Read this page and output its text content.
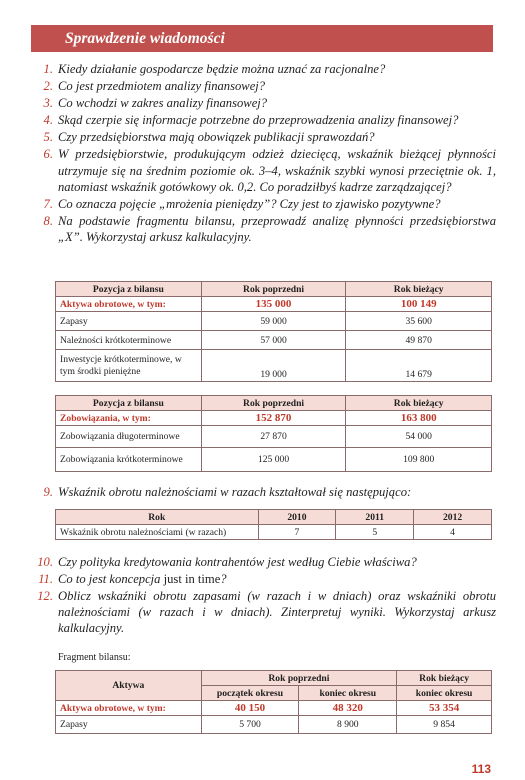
Sprawdzenie wiadomości
1. Kiedy działanie gospodarcze będzie można uznać za racjonalne?
2. Co jest przedmiotem analizy finansowej?
3. Co wchodzi w zakres analizy finansowej?
4. Skąd czerpie się informacje potrzebne do przeprowadzenia analizy finansowej?
5. Czy przedsiębiorstwa mają obowiązek publikacji sprawozdań?
6. W przedsiębiorstwie, produkującym odzież dziecięcą, wskaźnik bieżącej płynności utrzymuje się na średnim poziomie ok. 3–4, wskaźnik szybki wynosi przeciętnie ok. 1, natomiast wskaźnik gotówkowy ok. 0,2. Co poradziłbyś kadrze zarządzającej?
7. Co oznacza pojęcie „mrożenia pieniędzy”? Czy jest to zjawisko pozytywne?
8. Na podstawie fragmentu bilansu, przeprowadź analizę płynności przedsiębiorstwa „X”. Wykorzystaj arkusz kalkulacyjny.
Pozycja z bilansu	Rok poprzedni	Rok bieżący
Aktywa obrotowe, w tym:	135 000	100 149
Zapasy	59 000	35 600
Należności krótkoterminowe	57 000	49 870
Inwestycje krótkoterminowe, w tym środki pieniężne	19 000	14 679
Pozycja z bilansu	Rok poprzedni	Rok bieżący
Zobowiązania, w tym:	152 870	163 800
Zobowiązania długoterminowe	27 870	54 000
Zobowiązania krótkoterminowe	125 000	109 800
9. Wskaźnik obrotu należnościami w razach kształtował się następująco:
Rok	2010	2011	2012
Wskaźnik obrotu należnościami (w razach)	7	5	4
10. Czy polityka kredytowania kontrahentów jest według Ciebie właściwa?
11. Co to jest koncepcja just in time?
12. Oblicz wskaźniki obrotu zapasami (w razach i w dniach) oraz wskaźniki obrotu należnościami (w razach i w dniach). Zinterpretuj wyniki. Wykorzystaj arkusz kalkulacyjny.
Fragment bilansu:
Aktywa	Rok poprzedni		Rok bieżący
	początek okresu	koniec okresu	koniec okresu
Aktywa obrotowe, w tym:	40 150	48 320	53 354
Zapasy	5 700	8 900	9 854
113
